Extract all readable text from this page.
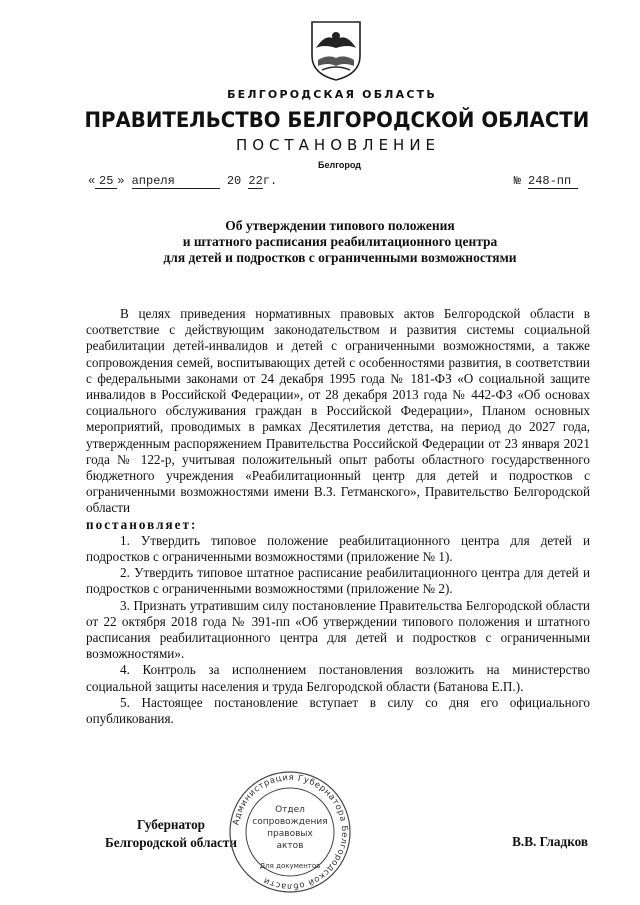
БЕЛГОРОДСКАЯ ОБЛАСТЬ
ПРАВИТЕЛЬСТВО БЕЛГОРОДСКОЙ ОБЛАСТИ
ПОСТАНОВЛЕНИЕ
Белгород
« 25 » апреля	20 22г.	№ 248-пп
Об утверждении типового положения
и штатного расписания реабилитационного центра
для детей и подростков с ограниченными возможностями

В целях приведения нормативных правовых актов Белгородской области в соответствие с действующим законодательством и развития системы социальной реабилитации детей-инвалидов и детей с ограниченными возможностями, а также сопровождения семей, воспитывающих детей с особенностями развития, в соответствии с федеральными законами от 24 декабря 1995 года № 181-ФЗ «О социальной защите инвалидов в Российской Федерации», от 28 декабря 2013 года № 442-ФЗ «Об основах социального обслуживания граждан в Российской Федерации», Планом основных мероприятий, проводимых в рамках Десятилетия детства, на период до 2027 года, утвержденным распоряжением Правительства Российской Федерации от 23 января 2021 года № 122-р, учитывая положительный опыт работы областного государственного бюджетного учреждения «Реабилитационный центр для детей и подростков с ограниченными возможностями имени В.З. Гетманского», Правительство Белгородской области

постановляет:

1. Утвердить типовое положение реабилитационного центра для детей и подростков с ограниченными возможностями (приложение № 1).

2. Утвердить типовое штатное расписание реабилитационного центра для детей и подростков с ограниченными возможностями (приложение № 2).

3. Признать утратившим силу постановление Правительства Белгородской области от 22 октября 2018 года № 391-пп «Об утверждении типового положения и штатного расписания реабилитационного центра для детей и подростков с ограниченными возможностями».

4. Контроль за исполнением постановления возложить на министерство социальной защиты населения и труда Белгородской области (Батанова Е.П.).

5. Настоящее постановление вступает в силу со дня его официального опубликования.

Губернатор
Белгородской области	В.В. Гладков
Администрация Губернатора Белгородской области
Отдел
сопровождения
правовых
актов
Для документов
